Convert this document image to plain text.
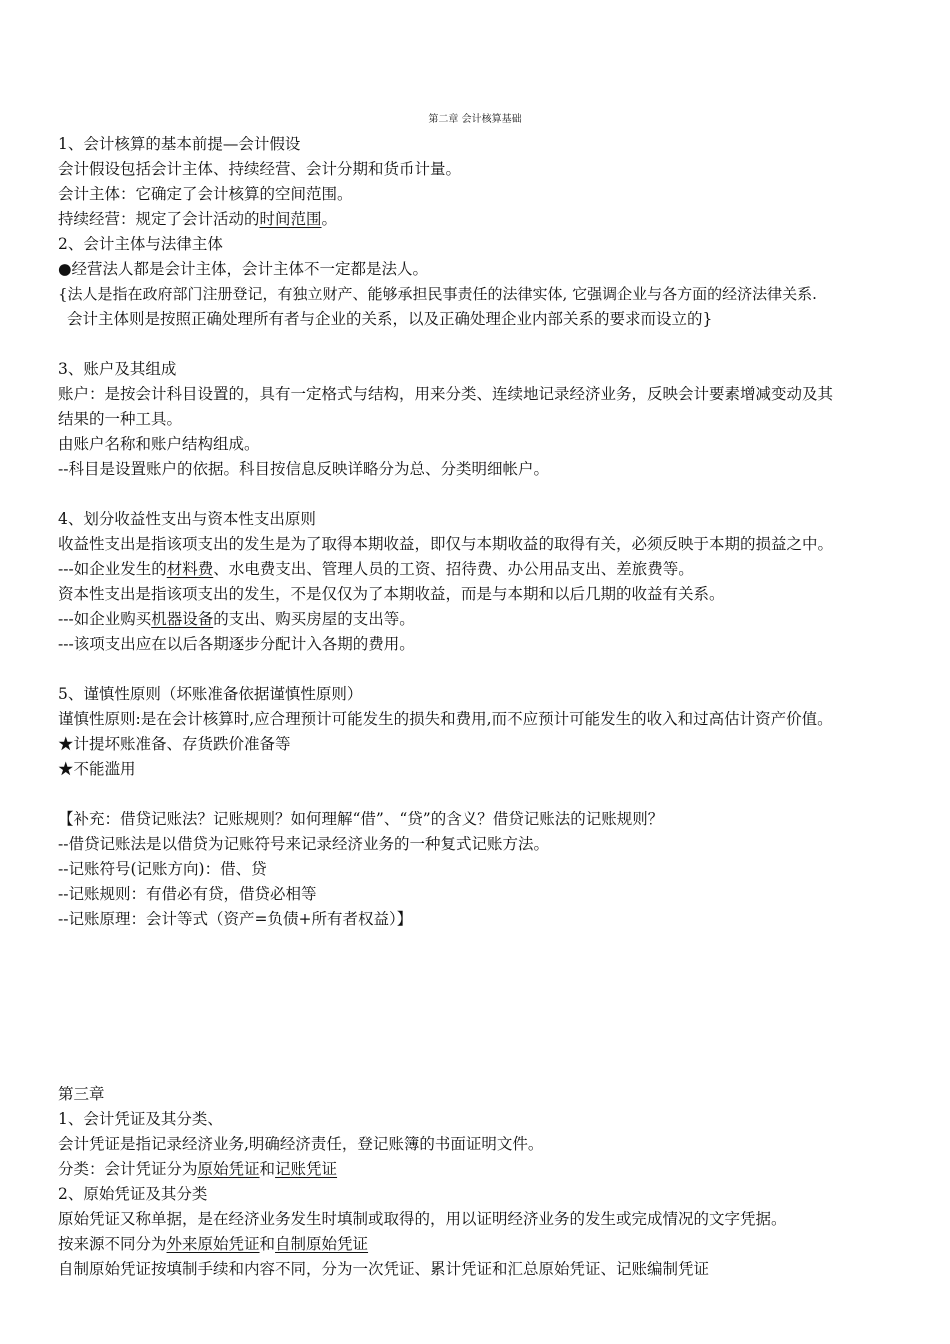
第二章 会计核算基础
1、会计核算的基本前提—会计假设
会计假设包括会计主体、持续经营、会计分期和货币计量。
会计主体：它确定了会计核算的空间范围。
持续经营：规定了会计活动的时间范围。
2、会计主体与法律主体
●经营法人都是会计主体，会计主体不一定都是法人。
{法人是指在政府部门注册登记，有独立财产、能够承担民事责任的法律实体, 它强调企业与各方面的经济法律关系.
会计主体则是按照正确处理所有者与企业的关系，以及正确处理企业内部关系的要求而设立的}
3、账户及其组成
账户：是按会计科目设置的，具有一定格式与结构，用来分类、连续地记录经济业务，反映会计要素增减变动及其
结果的一种工具。
由账户名称和账户结构组成。
--科目是设置账户的依据。科目按信息反映详略分为总、分类明细帐户。
4、划分收益性支出与资本性支出原则
收益性支出是指该项支出的发生是为了取得本期收益，即仅与本期收益的取得有关，必须反映于本期的损益之中。
---如企业发生的材料费、水电费支出、管理人员的工资、招待费、办公用品支出、差旅费等。
资本性支出是指该项支出的发生，不是仅仅为了本期收益，而是与本期和以后几期的收益有关系。
---如企业购买机器设备的支出、购买房屋的支出等。
---该项支出应在以后各期逐步分配计入各期的费用。
5、谨慎性原则（坏账准备依据谨慎性原则）
谨慎性原则:是在会计核算时,应合理预计可能发生的损失和费用,而不应预计可能发生的收入和过高估计资产价值。
★计提坏账准备、存货跌价准备等
★不能滥用
【补充：借贷记账法？记账规则？如何理解“借”、“贷”的含义？借贷记账法的记账规则？
--借贷记账法是以借贷为记账符号来记录经济业务的一种复式记账方法。
--记账符号(记账方向)：借、贷
--记账规则：有借必有贷，借贷必相等
--记账原理：会计等式（资产=负债+所有者权益）】
第三章
1、会计凭证及其分类、
会计凭证是指记录经济业务,明确经济责任，登记账簿的书面证明文件。
分类：会计凭证分为原始凭证和记账凭证
2、原始凭证及其分类
原始凭证又称单据，是在经济业务发生时填制或取得的，用以证明经济业务的发生或完成情况的文字凭据。
按来源不同分为外来原始凭证和自制原始凭证
自制原始凭证按填制手续和内容不同，分为一次凭证、累计凭证和汇总原始凭证、记账编制凭证
